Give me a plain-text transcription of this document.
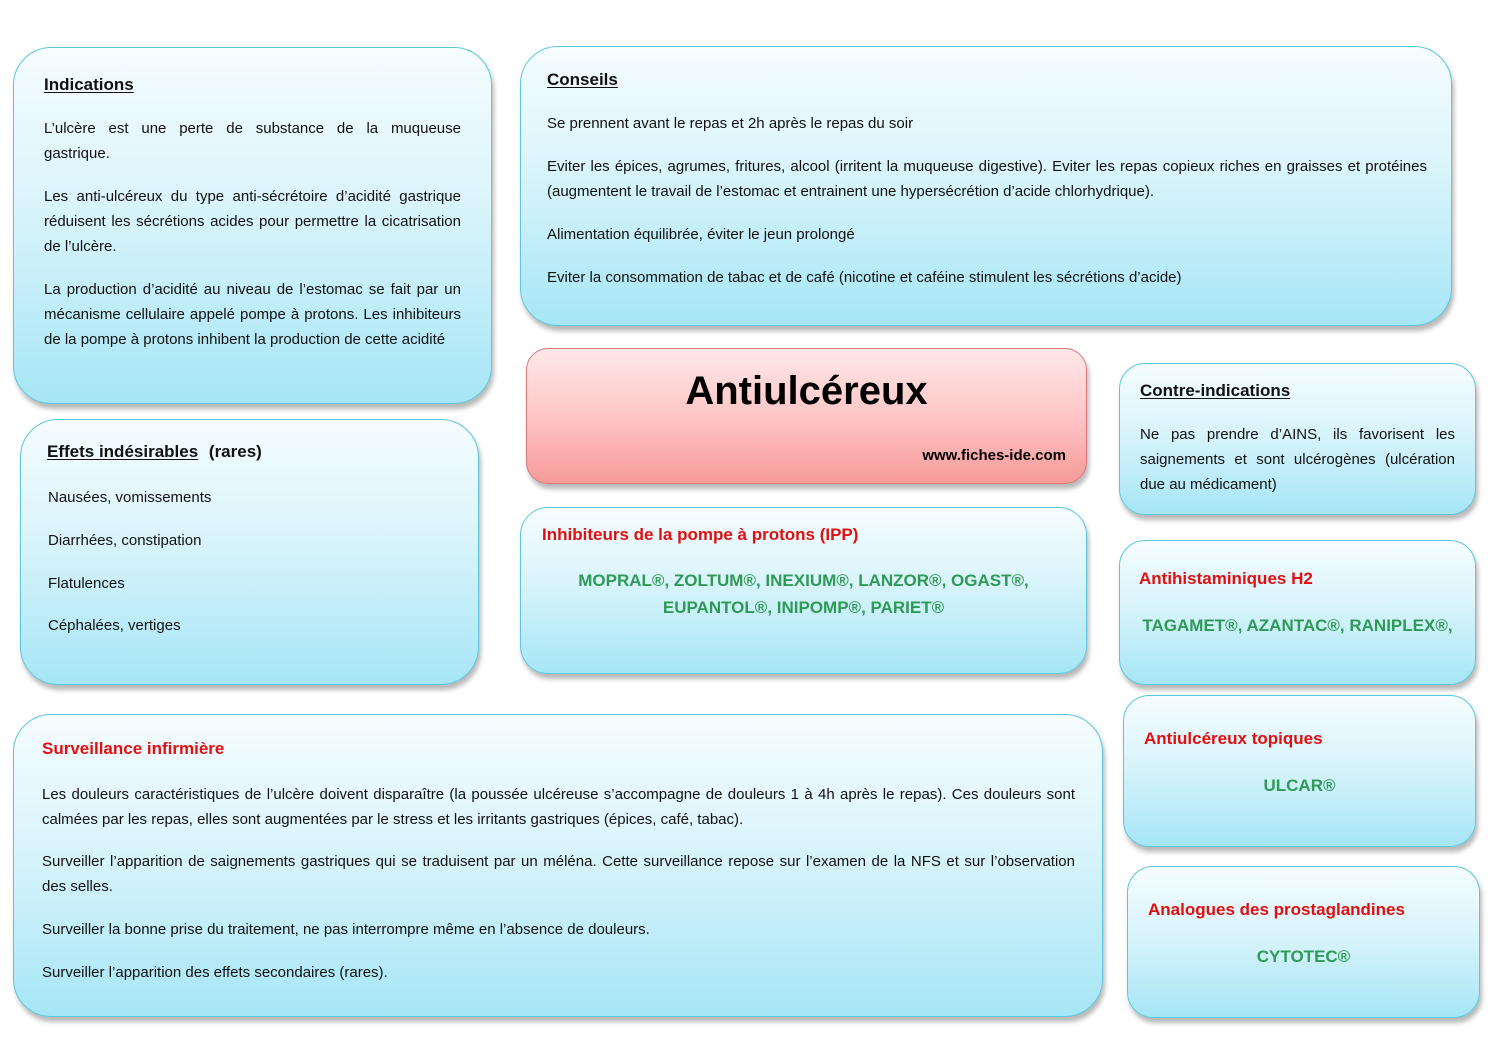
Indications

L’ulcère est une perte de substance de la muqueuse gastrique.

Les anti-ulcéreux du type anti-sécrétoire d’acidité gastrique réduisent les sécrétions acides pour permettre la cicatrisation de l’ulcère.

La production d’acidité au niveau de l’estomac se fait par un mécanisme cellulaire appelé pompe à protons. Les inhibiteurs de la pompe à protons inhibent la production de cette acidité

Conseils

Se prennent avant le repas et 2h après le repas du soir

Eviter les épices, agrumes, fritures, alcool (irritent la muqueuse digestive). Eviter les repas copieux riches en graisses et protéines (augmentent le travail de l’estomac et entrainent une hypersécrétion d’acide chlorhydrique).

Alimentation équilibrée, éviter le jeun prolongé

Eviter la consommation de tabac et de café (nicotine et caféine stimulent les sécrétions d’acide)

Antiulcéreux
www.fiches-ide.com
Contre-indications

Ne pas prendre d’AINS, ils favorisent les saignements et sont ulcérogènes (ulcération due au médicament)

Effets indésirables (rares)

Nausées, vomissements

Diarrhées, constipation

Flatulences

Céphalées, vertiges

Inhibiteurs de la pompe à protons (IPP)
MOPRAL®, ZOLTUM®, INEXIUM®, LANZOR®, OGAST®,
EUPANTOL®, INIPOMP®, PARIET®
Antihistaminiques H2
TAGAMET®, AZANTAC®, RANIPLEX®,
Surveillance infirmière

Les douleurs caractéristiques de l’ulcère doivent disparaître (la poussée ulcéreuse s’accompagne de douleurs 1 à 4h après le repas). Ces douleurs sont calmées par les repas, elles sont augmentées par le stress et les irritants gastriques (épices, café, tabac).

Surveiller l’apparition de saignements gastriques qui se traduisent par un méléna. Cette surveillance repose sur l’examen de la NFS et sur l’observation des selles.

Surveiller la bonne prise du traitement, ne pas interrompre même en l’absence de douleurs.

Surveiller l’apparition des effets secondaires (rares).

Antiulcéreux topiques
ULCAR®
Analogues des prostaglandines
CYTOTEC®
